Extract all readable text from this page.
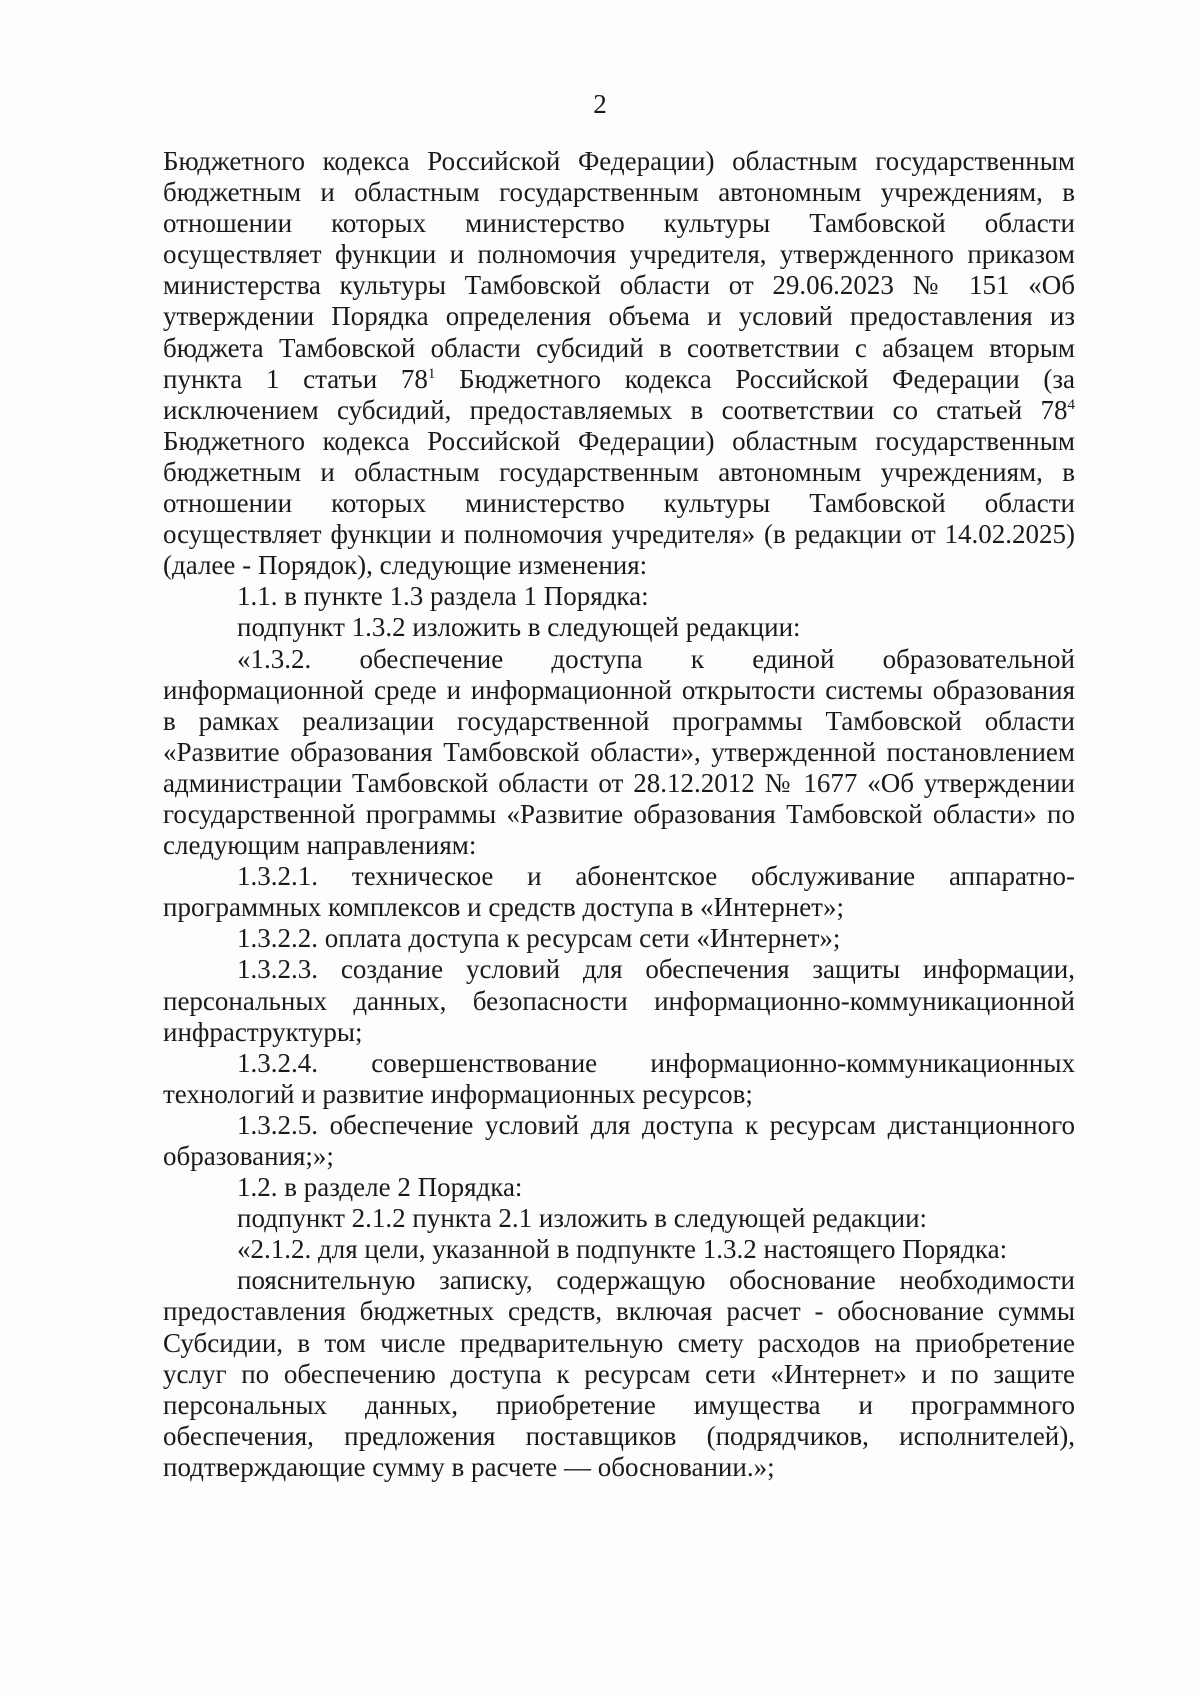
2

Бюджетного кодекса Российской Федерации) областным государственным бюджетным и областным государственным автономным учреждениям, в отношении которых министерство культуры Тамбовской области осуществляет функции и полномочия учредителя, утвержденного приказом министерства культуры Тамбовской области от 29.06.2023 № 151 «Об утверждении Порядка определения объема и условий предоставления из бюджета Тамбовской области субсидий в соответствии с абзацем вторым пункта 1 статьи $78^1$ Бюджетного кодекса Российской Федерации (за исключением субсидий, предоставляемых в соответствии со статьей $78^4$ Бюджетного кодекса Российской Федерации) областным государственным бюджетным и областным государственным автономным учреждениям, в отношении которых министерство культуры Тамбовской области осуществляет функции и полномочия учредителя» (в редакции от 14.02.2025) (далее - Порядок), следующие изменения:

1.1. в пункте 1.3 раздела 1 Порядка:

подпункт 1.3.2 изложить в следующей редакции:

«1.3.2. обеспечение доступа к единой образовательной информационной среде и информационной открытости системы образования в рамках реализации государственной программы Тамбовской области «Развитие образования Тамбовской области», утвержденной постановлением администрации Тамбовской области от 28.12.2012 № 1677 «Об утверждении государственной программы «Развитие образования Тамбовской области» по следующим направлениям:

1.3.2.1. техническое и абонентское обслуживание аппаратно-программных комплексов и средств доступа в «Интернет»;

1.3.2.2. оплата доступа к ресурсам сети «Интернет»;

1.3.2.3. создание условий для обеспечения защиты информации, персональных данных, безопасности информационно-коммуникационной инфраструктуры;

1.3.2.4. совершенствование информационно-коммуникационных технологий и развитие информационных ресурсов;

1.3.2.5. обеспечение условий для доступа к ресурсам дистанционного образования;»;

1.2. в разделе 2 Порядка:

подпункт 2.1.2 пункта 2.1 изложить в следующей редакции:

«2.1.2. для цели, указанной в подпункте 1.3.2 настоящего Порядка:

пояснительную записку, содержащую обоснование необходимости предоставления бюджетных средств, включая расчет - обоснование суммы Субсидии, в том числе предварительную смету расходов на приобретение услуг по обеспечению доступа к ресурсам сети «Интернет» и по защите персональных данных, приобретение имущества и программного обеспечения, предложения поставщиков (подрядчиков, исполнителей), подтверждающие сумму в расчете — обосновании.»;
